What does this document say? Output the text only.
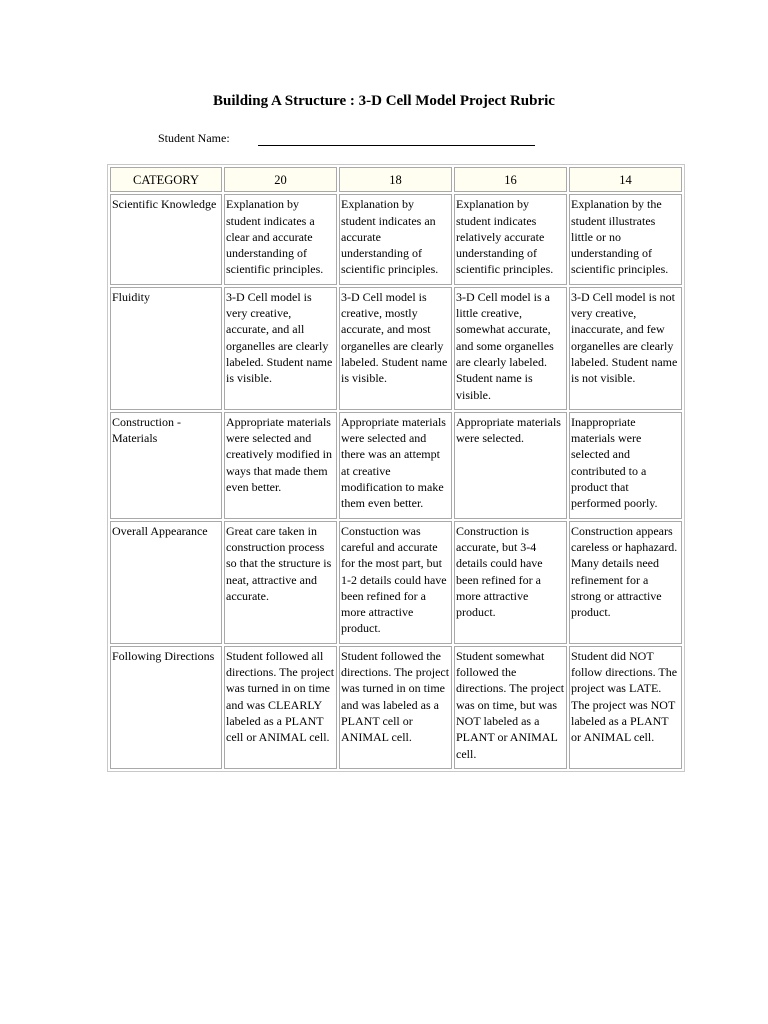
Building A Structure : 3-D Cell Model Project Rubric
Student Name:
CATEGORY	20	18	16	14
Scientific Knowledge	Explanation by student indicates a clear and accurate understanding of scientific principles.	Explanation by student indicates an accurate understanding of scientific principles.	Explanation by student indicates relatively accurate understanding of scientific principles.	Explanation by the student illustrates little or no understanding of scientific principles.
Fluidity	3-D Cell model is very creative, accurate, and all organelles are clearly labeled. Student name is visible.	3-D Cell model is creative, mostly accurate, and most organelles are clearly labeled. Student name is visible.	3-D Cell model is a little creative, somewhat accurate, and some organelles are clearly labeled. Student name is visible.	3-D Cell model is not very creative, inaccurate, and few organelles are clearly labeled. Student name is not visible.
Construction -Materials	Appropriate materials were selected and creatively modified in ways that made them even better.	Appropriate materials were selected and there was an attempt at creative modification to make them even better.	Appropriate materials were selected.	Inappropriate materials were selected and contributed to a product that performed poorly.
Overall Appearance	Great care taken in construction process so that the structure is neat, attractive and accurate.	Constuction was careful and accurate for the most part, but 1-2 details could have been refined for a more attractive product.	Construction is accurate, but 3-4 details could have been refined for a more attractive product.	Construction appears careless or haphazard. Many details need refinement for a strong or attractive product.
Following Directions	Student followed all directions. The project was turned in on time and was CLEARLY labeled as a PLANT cell or ANIMAL cell.	Student followed the directions. The project was turned in on time and was labeled as a PLANT cell or ANIMAL cell.	Student somewhat followed the directions. The project was on time, but was NOT labeled as a PLANT or ANIMAL cell.	Student did NOT follow directions. The project was LATE. The project was NOT labeled as a PLANT or ANIMAL cell.
